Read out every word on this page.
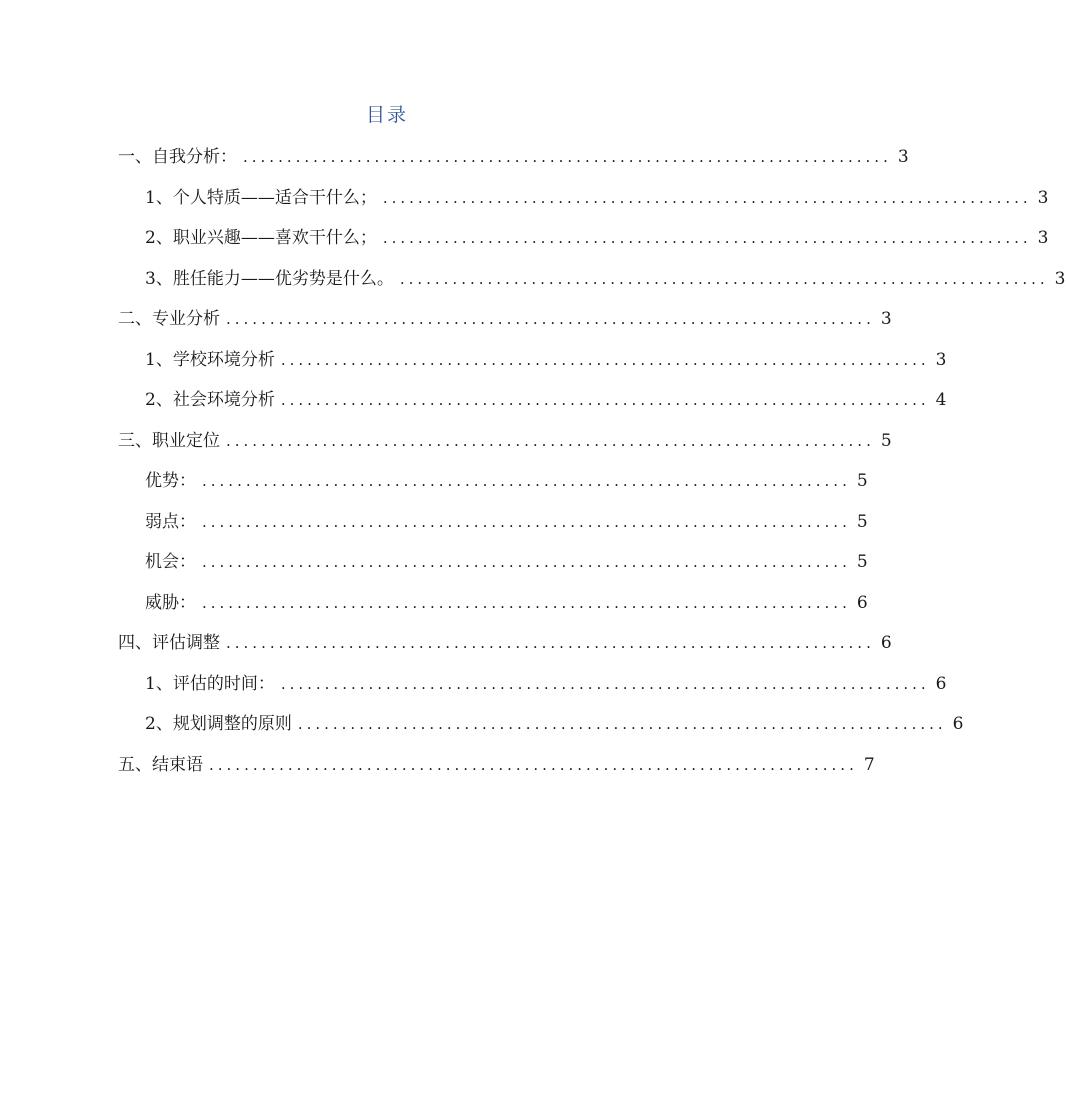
目录
一、自我分析： .......................................................................... 3
1、个人特质——适合干什么； .......................................................................... 3
2、职业兴趣——喜欢干什么； .......................................................................... 3
3、胜任能力——优劣势是什么。 .......................................................................... 3
二、专业分析 .......................................................................... 3
1、学校环境分析 .......................................................................... 3
2、社会环境分析 .......................................................................... 4
三、职业定位 .......................................................................... 5
优势： .......................................................................... 5
弱点： .......................................................................... 5
机会： .......................................................................... 5
威胁： .......................................................................... 6
四、评估调整 .......................................................................... 6
1、评估的时间： .......................................................................... 6
2、规划调整的原则 .......................................................................... 6
五、结束语 .......................................................................... 7
